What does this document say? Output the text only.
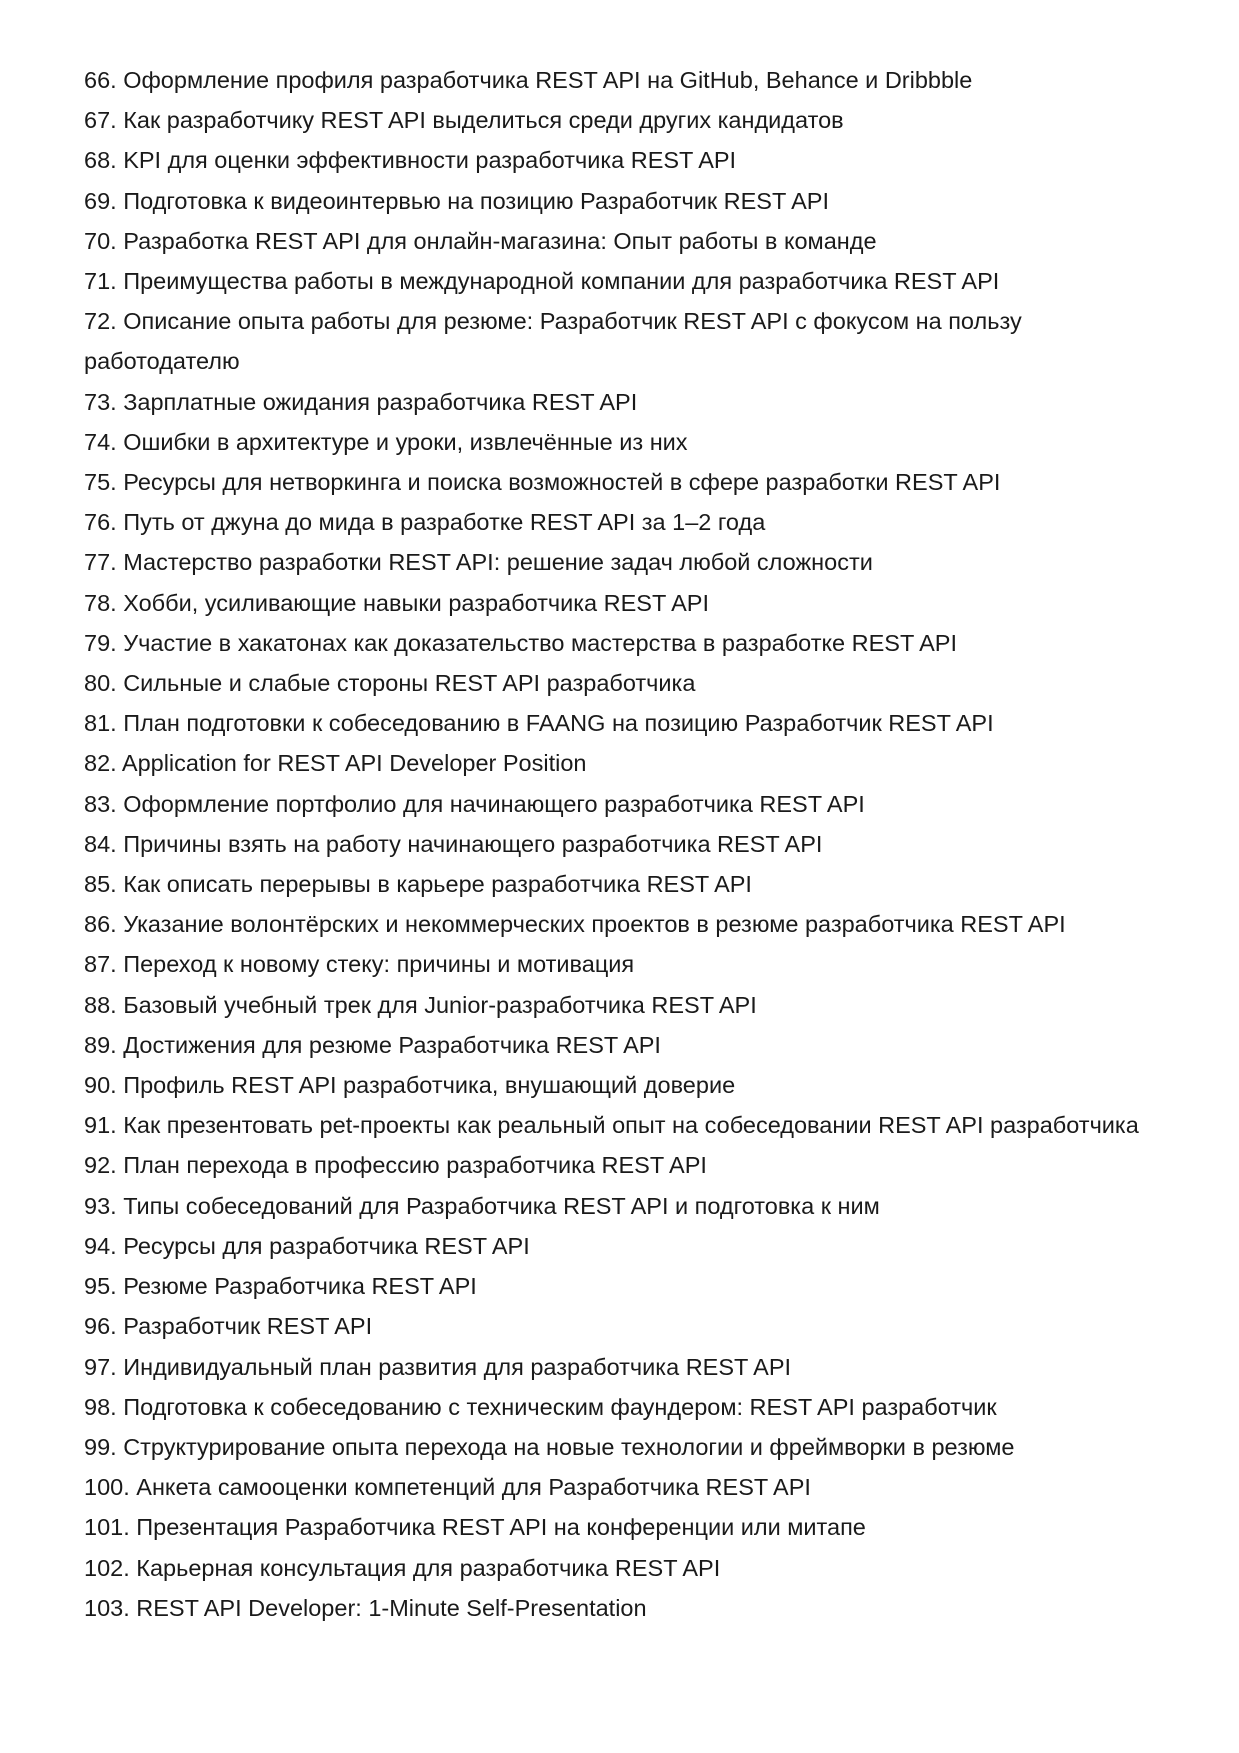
66. Оформление профиля разработчика REST API на GitHub, Behance и Dribbble
67. Как разработчику REST API выделиться среди других кандидатов
68. KPI для оценки эффективности разработчика REST API
69. Подготовка к видеоинтервью на позицию Разработчик REST API
70. Разработка REST API для онлайн-магазина: Опыт работы в команде
71. Преимущества работы в международной компании для разработчика REST API
72. Описание опыта работы для резюме: Разработчик REST API с фокусом на пользу работодателю
73. Зарплатные ожидания разработчика REST API
74. Ошибки в архитектуре и уроки, извлечённые из них
75. Ресурсы для нетворкинга и поиска возможностей в сфере разработки REST API
76. Путь от джуна до мида в разработке REST API за 1–2 года
77. Мастерство разработки REST API: решение задач любой сложности
78. Хобби, усиливающие навыки разработчика REST API
79. Участие в хакатонах как доказательство мастерства в разработке REST API
80. Сильные и слабые стороны REST API разработчика
81. План подготовки к собеседованию в FAANG на позицию Разработчик REST API
82. Application for REST API Developer Position
83. Оформление портфолио для начинающего разработчика REST API
84. Причины взять на работу начинающего разработчика REST API
85. Как описать перерывы в карьере разработчика REST API
86. Указание волонтёрских и некоммерческих проектов в резюме разработчика REST API
87. Переход к новому стеку: причины и мотивация
88. Базовый учебный трек для Junior-разработчика REST API
89. Достижения для резюме Разработчика REST API
90. Профиль REST API разработчика, внушающий доверие
91. Как презентовать pet-проекты как реальный опыт на собеседовании REST API разработчика
92. План перехода в профессию разработчика REST API
93. Типы собеседований для Разработчика REST API и подготовка к ним
94. Ресурсы для разработчика REST API
95. Резюме Разработчика REST API
96. Разработчик REST API
97. Индивидуальный план развития для разработчика REST API
98. Подготовка к собеседованию с техническим фаундером: REST API разработчик
99. Структурирование опыта перехода на новые технологии и фреймворки в резюме
100. Анкета самооценки компетенций для Разработчика REST API
101. Презентация Разработчика REST API на конференции или митапе
102. Карьерная консультация для разработчика REST API
103. REST API Developer: 1-Minute Self-Presentation
